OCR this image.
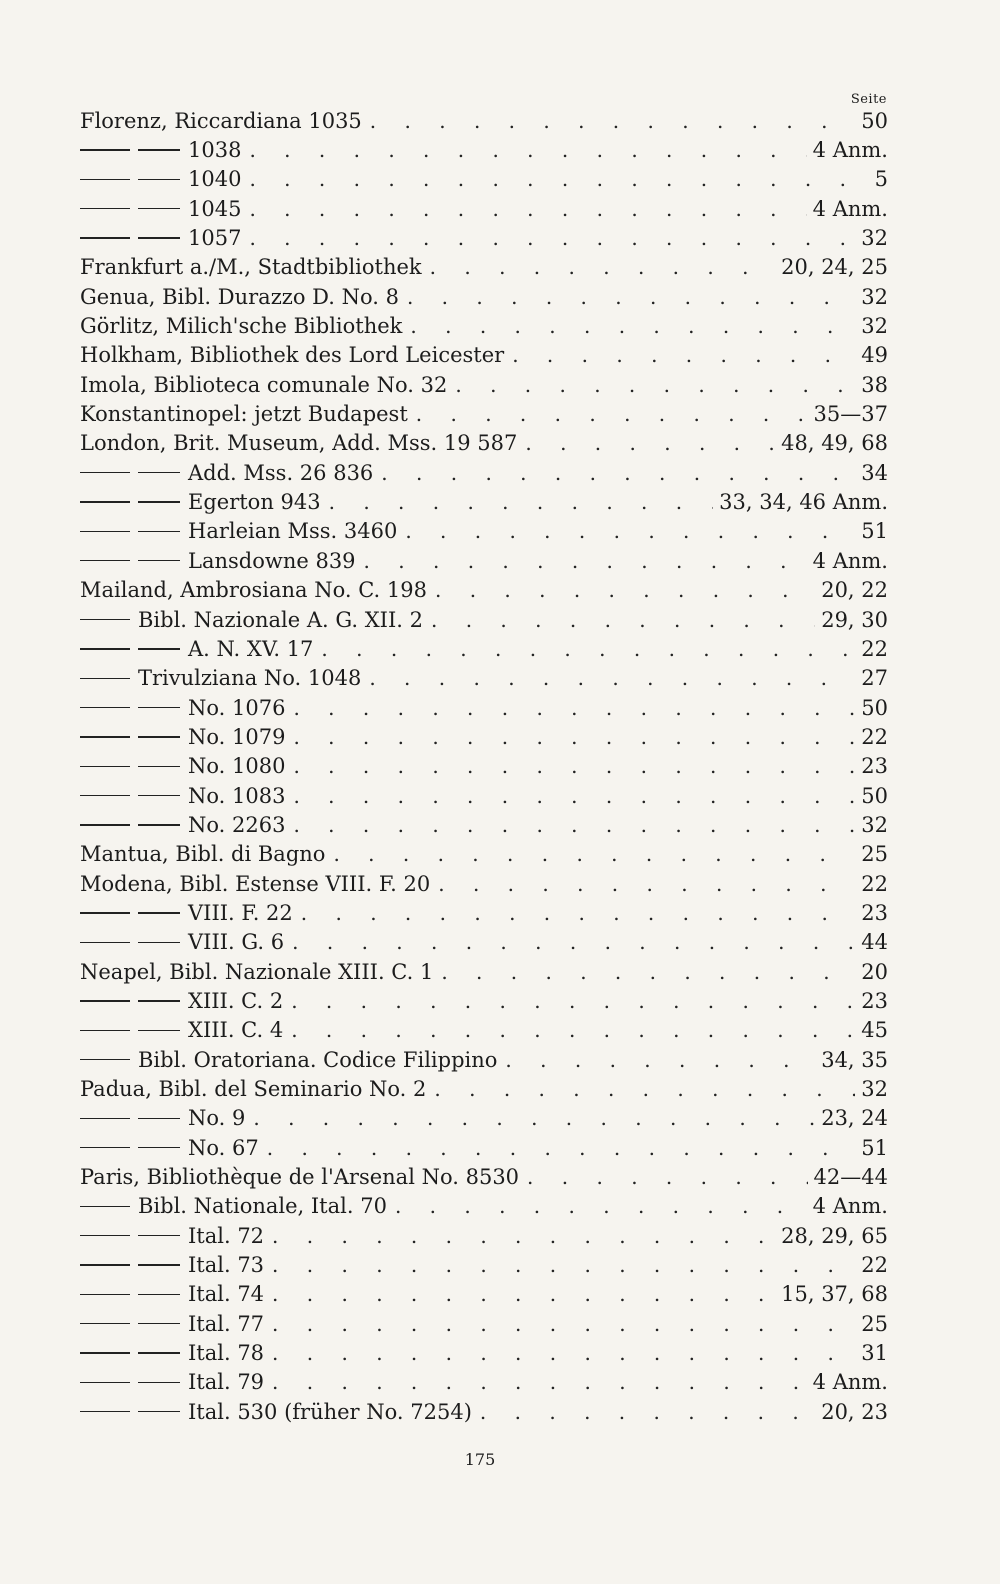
Seite
Florenz, Riccardiana 1035 . . .	50
1038 . . .	4 Anm.
1040 . . .	5
1045 . . .	4 Anm.
1057 . . .	32
Frankfurt a./M., Stadtbibliothek . . .	20, 24, 25
Genua, Bibl. Durazzo D. No. 8 . . .	32
Görlitz, Milich'sche Bibliothek . . .	32
Holkham, Bibliothek des Lord Leicester . . .	49
Imola, Biblioteca comunale No. 32 . . .	38
Konstantinopel: jetzt Budapest . . .	35—37
London, Brit. Museum, Add. Mss. 19 587 . . .	48, 49, 68
Add. Mss. 26 836 . . .	34
Egerton 943 . . .	33, 34, 46 Anm.
Harleian Mss. 3460 . . .	51
Lansdowne 839 . . .	4 Anm.
Mailand, Ambrosiana No. C. 198 . . .	20, 22
Bibl. Nazionale A. G. XII. 2 . . .	29, 30
A. N. XV. 17 . . .	22
Trivulziana No. 1048 . . .	27
No. 1076 . . .	50
No. 1079 . . .	22
No. 1080 . . .	23
No. 1083 . . .	50
No. 2263 . . .	32
Mantua, Bibl. di Bagno . . .	25
Modena, Bibl. Estense VIII. F. 20 . . .	22
VIII. F. 22 . . .	23
VIII. G. 6 . . .	44
Neapel, Bibl. Nazionale XIII. C. 1 . . .	20
XIII. C. 2 . . .	23
XIII. C. 4 . . .	45
Bibl. Oratoriana. Codice Filippino . . .	34, 35
Padua, Bibl. del Seminario No. 2 . . .	32
No. 9 . . .	23, 24
No. 67 . . .	51
Paris, Bibliothèque de l'Arsenal No. 8530 . . .	42—44
Bibl. Nationale, Ital. 70 . . .	4 Anm.
Ital. 72 . . .	28, 29, 65
Ital. 73 . . .	22
Ital. 74 . . .	15, 37, 68
Ital. 77 . . .	25
Ital. 78 . . .	31
Ital. 79 . . .	4 Anm.
Ital. 530 (früher No. 7254) . . .	20, 23
175
